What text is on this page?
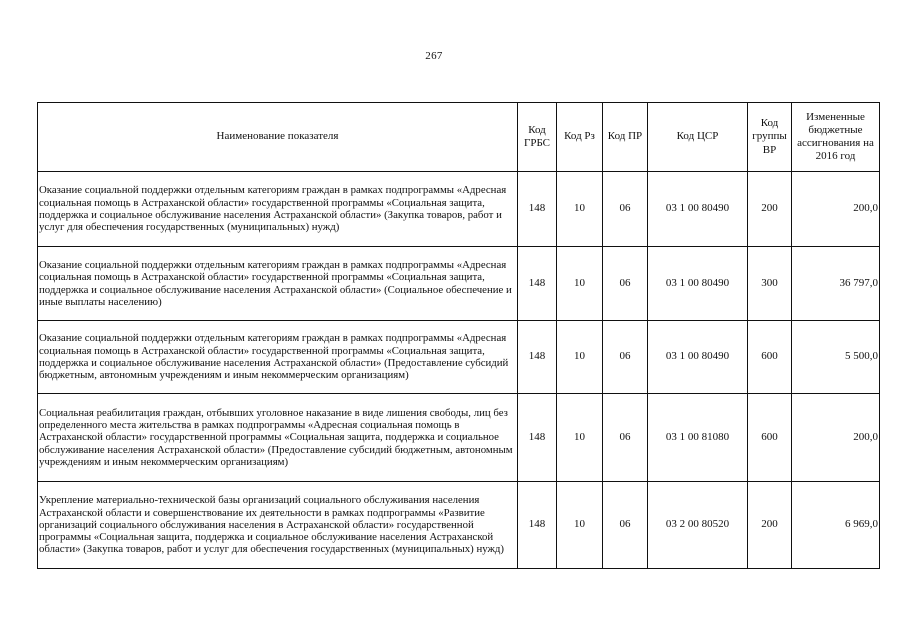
267
Наименование показателя	Код ГРБС	Код Рз	Код ПР	Код ЦСР	Код группы ВР	Измененные бюджетные ассигнования на 2016 год
Оказание социальной поддержки отдельным категориям граждан в рамках подпрограммы «Адресная социальная помощь в Астраханской области» государственной программы «Социальная защита, поддержка и социальное обслуживание населения Астраханской области» (Закупка товаров, работ и услуг для обеспечения государственных (муниципальных) нужд)	148	10	06	03 1 00 80490	200	200,0
Оказание социальной поддержки отдельным категориям граждан в рамках подпрограммы «Адресная социальная помощь в Астраханской области» государственной программы «Социальная защита, поддержка и социальное обслуживание населения Астраханской области» (Социальное обеспечение и иные выплаты населению)	148	10	06	03 1 00 80490	300	36 797,0
Оказание социальной поддержки отдельным категориям граждан в рамках подпрограммы «Адресная социальная помощь в Астраханской области» государственной программы «Социальная защита, поддержка и социальное обслуживание населения Астраханской области» (Предоставление субсидий бюджетным, автономным учреждениям и иным некоммерческим организациям)	148	10	06	03 1 00 80490	600	5 500,0
Социальная реабилитация граждан, отбывших уголовное наказание в виде лишения свободы, лиц без определенного места жительства в рамках подпрограммы «Адресная социальная помощь в Астраханской области» государственной программы «Социальная защита, поддержка и социальное обслуживание населения Астраханской области» (Предоставление субсидий бюджетным, автономным учреждениям и иным некоммерческим организациям)	148	10	06	03 1 00 81080	600	200,0
Укрепление материально-технической базы организаций социального обслуживания населения Астраханской области и совершенствование их деятельности в рамках подпрограммы «Развитие организаций социального обслуживания населения в Астраханской области» государственной программы «Социальная защита, поддержка и социальное обслуживание населения Астраханской области» (Закупка товаров, работ и услуг для обеспечения государственных (муниципальных) нужд)	148	10	06	03 2 00 80520	200	6 969,0
